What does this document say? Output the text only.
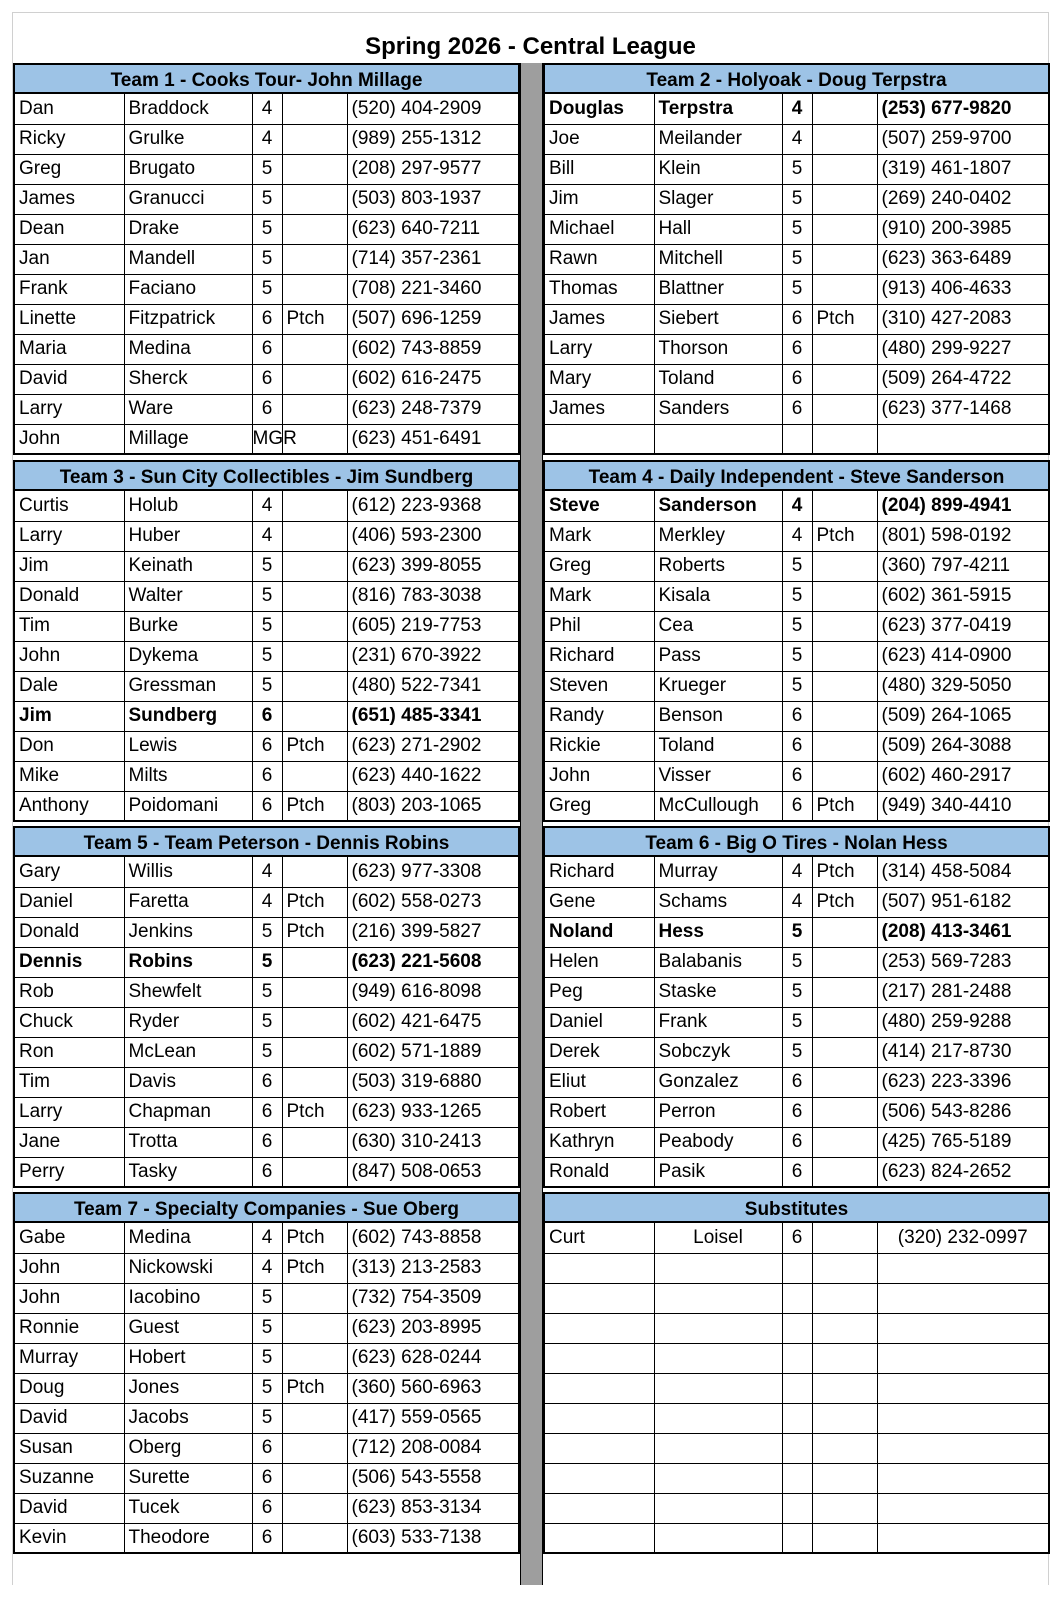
Spring 2026 - Central League
Team 1 - Cooks Tour- John Millage
Dan	Braddock	4		(520) 404-2909
Ricky	Grulke	4		(989) 255-1312
Greg	Brugato	5		(208) 297-9577
James	Granucci	5		(503) 803-1937
Dean	Drake	5		(623) 640-7211
Jan	Mandell	5		(714) 357-2361
Frank	Faciano	5		(708) 221-3460
Linette	Fitzpatrick	6	Ptch	(507) 696-1259
Maria	Medina	6		(602) 743-8859
David	Sherck	6		(602) 616-2475
Larry	Ware	6		(623) 248-7379
John	Millage	MGR		(623) 451-6491
Team 2 - Holyoak - Doug Terpstra
Douglas	Terpstra	4		(253) 677-9820
Joe	Meilander	4		(507) 259-9700
Bill	Klein	5		(319) 461-1807
Jim	Slager	5		(269) 240-0402
Michael	Hall	5		(910) 200-3985
Rawn	Mitchell	5		(623) 363-6489
Thomas	Blattner	5		(913) 406-4633
James	Siebert	6	Ptch	(310) 427-2083
Larry	Thorson	6		(480) 299-9227
Mary	Toland	6		(509) 264-4722
James	Sanders	6		(623) 377-1468

Team 3 - Sun City Collectibles - Jim Sundberg
Curtis	Holub	4		(612) 223-9368
Larry	Huber	4		(406) 593-2300
Jim	Keinath	5		(623) 399-8055
Donald	Walter	5		(816) 783-3038
Tim	Burke	5		(605) 219-7753
John	Dykema	5		(231) 670-3922
Dale	Gressman	5		(480) 522-7341
Jim	Sundberg	6		(651) 485-3341
Don	Lewis	6	Ptch	(623) 271-2902
Mike	Milts	6		(623) 440-1622
Anthony	Poidomani	6	Ptch	(803) 203-1065
Team 4 - Daily Independent - Steve Sanderson
Steve	Sanderson	4		(204) 899-4941
Mark	Merkley	4	Ptch	(801) 598-0192
Greg	Roberts	5		(360) 797-4211
Mark	Kisala	5		(602) 361-5915
Phil	Cea	5		(623) 377-0419
Richard	Pass	5		(623) 414-0900
Steven	Krueger	5		(480) 329-5050
Randy	Benson	6		(509) 264-1065
Rickie	Toland	6		(509) 264-3088
John	Visser	6		(602) 460-2917
Greg	McCullough	6	Ptch	(949) 340-4410
Team 5 - Team Peterson - Dennis Robins
Gary	Willis	4		(623) 977-3308
Daniel	Faretta	4	Ptch	(602) 558-0273
Donald	Jenkins	5	Ptch	(216) 399-5827
Dennis	Robins	5		(623) 221-5608
Rob	Shewfelt	5		(949) 616-8098
Chuck	Ryder	5		(602) 421-6475
Ron	McLean	5		(602) 571-1889
Tim	Davis	6		(503) 319-6880
Larry	Chapman	6	Ptch	(623) 933-1265
Jane	Trotta	6		(630) 310-2413
Perry	Tasky	6		(847) 508-0653
Team 6 - Big O Tires - Nolan Hess
Richard	Murray	4	Ptch	(314) 458-5084
Gene	Schams	4	Ptch	(507) 951-6182
Noland	Hess	5		(208) 413-3461
Helen	Balabanis	5		(253) 569-7283
Peg	Staske	5		(217) 281-2488
Daniel	Frank	5		(480) 259-9288
Derek	Sobczyk	5		(414) 217-8730
Eliut	Gonzalez	6		(623) 223-3396
Robert	Perron	6		(506) 543-8286
Kathryn	Peabody	6		(425) 765-5189
Ronald	Pasik	6		(623) 824-2652
Team 7 - Specialty Companies - Sue Oberg
Gabe	Medina	4	Ptch	(602) 743-8858
John	Nickowski	4	Ptch	(313) 213-2583
John	Iacobino	5		(732) 754-3509
Ronnie	Guest	5		(623) 203-8995
Murray	Hobert	5		(623) 628-0244
Doug	Jones	5	Ptch	(360) 560-6963
David	Jacobs	5		(417) 559-0565
Susan	Oberg	6		(712) 208-0084
Suzanne	Surette	6		(506) 543-5558
David	Tucek	6		(623) 853-3134
Kevin	Theodore	6		(603) 533-7138
Substitutes
Curt	Loisel	6		(320) 232-0997
